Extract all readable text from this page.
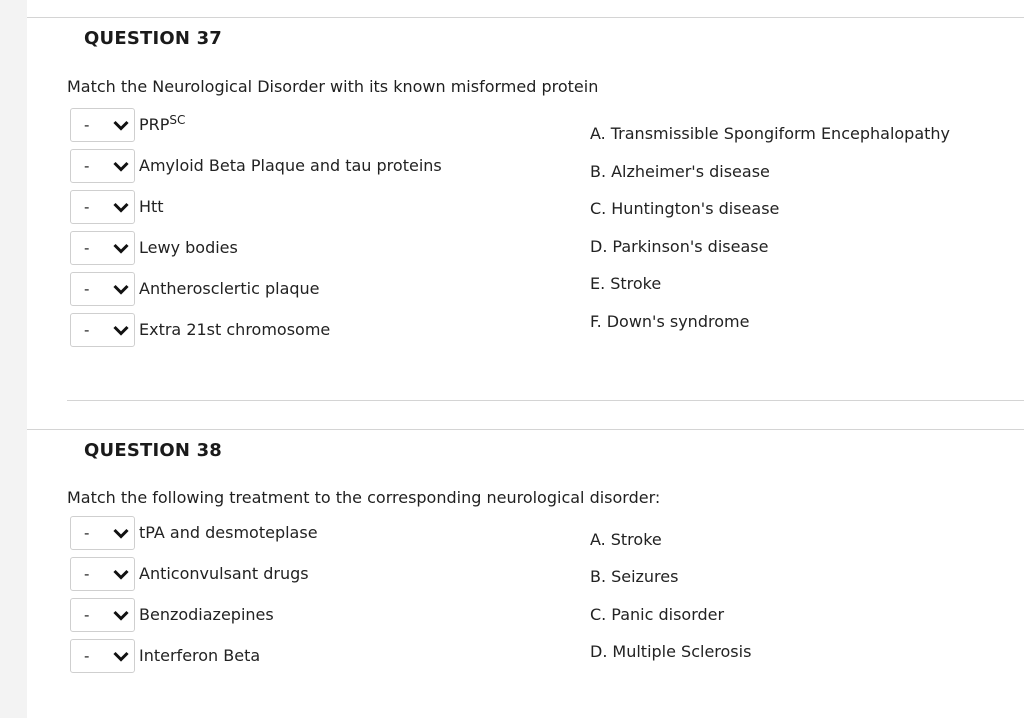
QUESTION 37
Match the Neurological Disorder with its known misformed protein
-	$PRP^{SC}$
-	Amyloid Beta Plaque and tau proteins
-	Htt
-	Lewy bodies
-	Antherosclertic plaque
-	Extra 21st chromosome
A. Transmissible Spongiform Encephalopathy
B. Alzheimer's disease
C. Huntington's disease
D. Parkinson's disease
E. Stroke
F. Down's syndrome
QUESTION 38
Match the following treatment to the corresponding neurological disorder:
-	tPA and desmoteplase
-	Anticonvulsant drugs
-	Benzodiazepines
-	Interferon Beta
A. Stroke
B. Seizures
C. Panic disorder
D. Multiple Sclerosis
